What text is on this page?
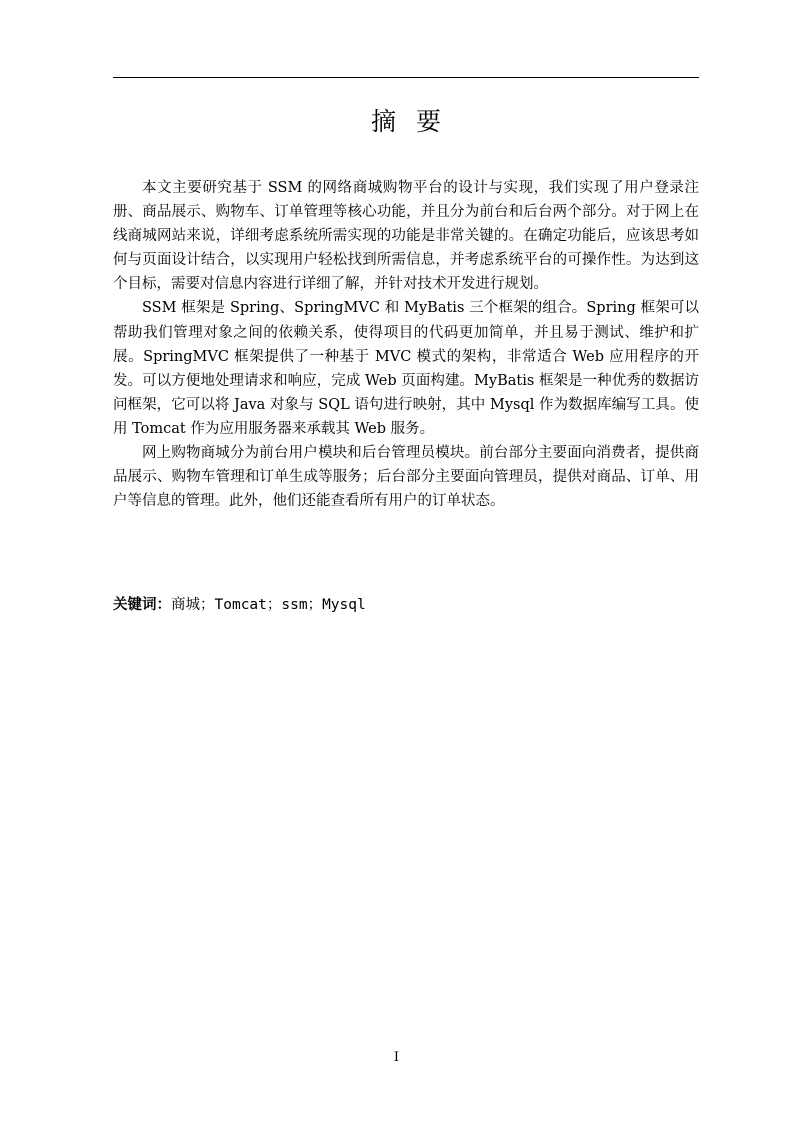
摘要

本文主要研究基于 SSM 的网络商城购物平台的设计与实现，我们实现了用户登录注册、商品展示、购物车、订单管理等核心功能，并且分为前台和后台两个部分。对于网上在线商城网站来说，详细考虑系统所需实现的功能是非常关键的。在确定功能后，应该思考如何与页面设计结合，以实现用户轻松找到所需信息，并考虑系统平台的可操作性。为达到这个目标，需要对信息内容进行详细了解，并针对技术开发进行规划。

SSM 框架是 Spring、SpringMVC 和 MyBatis 三个框架的组合。Spring 框架可以帮助我们管理对象之间的依赖关系，使得项目的代码更加简单，并且易于测试、维护和扩展。SpringMVC 框架提供了一种基于 MVC 模式的架构，非常适合 Web 应用程序的开发。可以方便地处理请求和响应，完成 Web 页面构建。MyBatis 框架是一种优秀的数据访问框架，它可以将 Java 对象与 SQL 语句进行映射，其中 Mysql 作为数据库编写工具。使用 Tomcat 作为应用服务器来承载其 Web 服务。

网上购物商城分为前台用户模块和后台管理员模块。前台部分主要面向消费者，提供商品展示、购物车管理和订单生成等服务；后台部分主要面向管理员，提供对商品、订单、用户等信息的管理。此外，他们还能查看所有用户的订单状态。

关键词：商城；Tomcat；ssm；Mysql
I
